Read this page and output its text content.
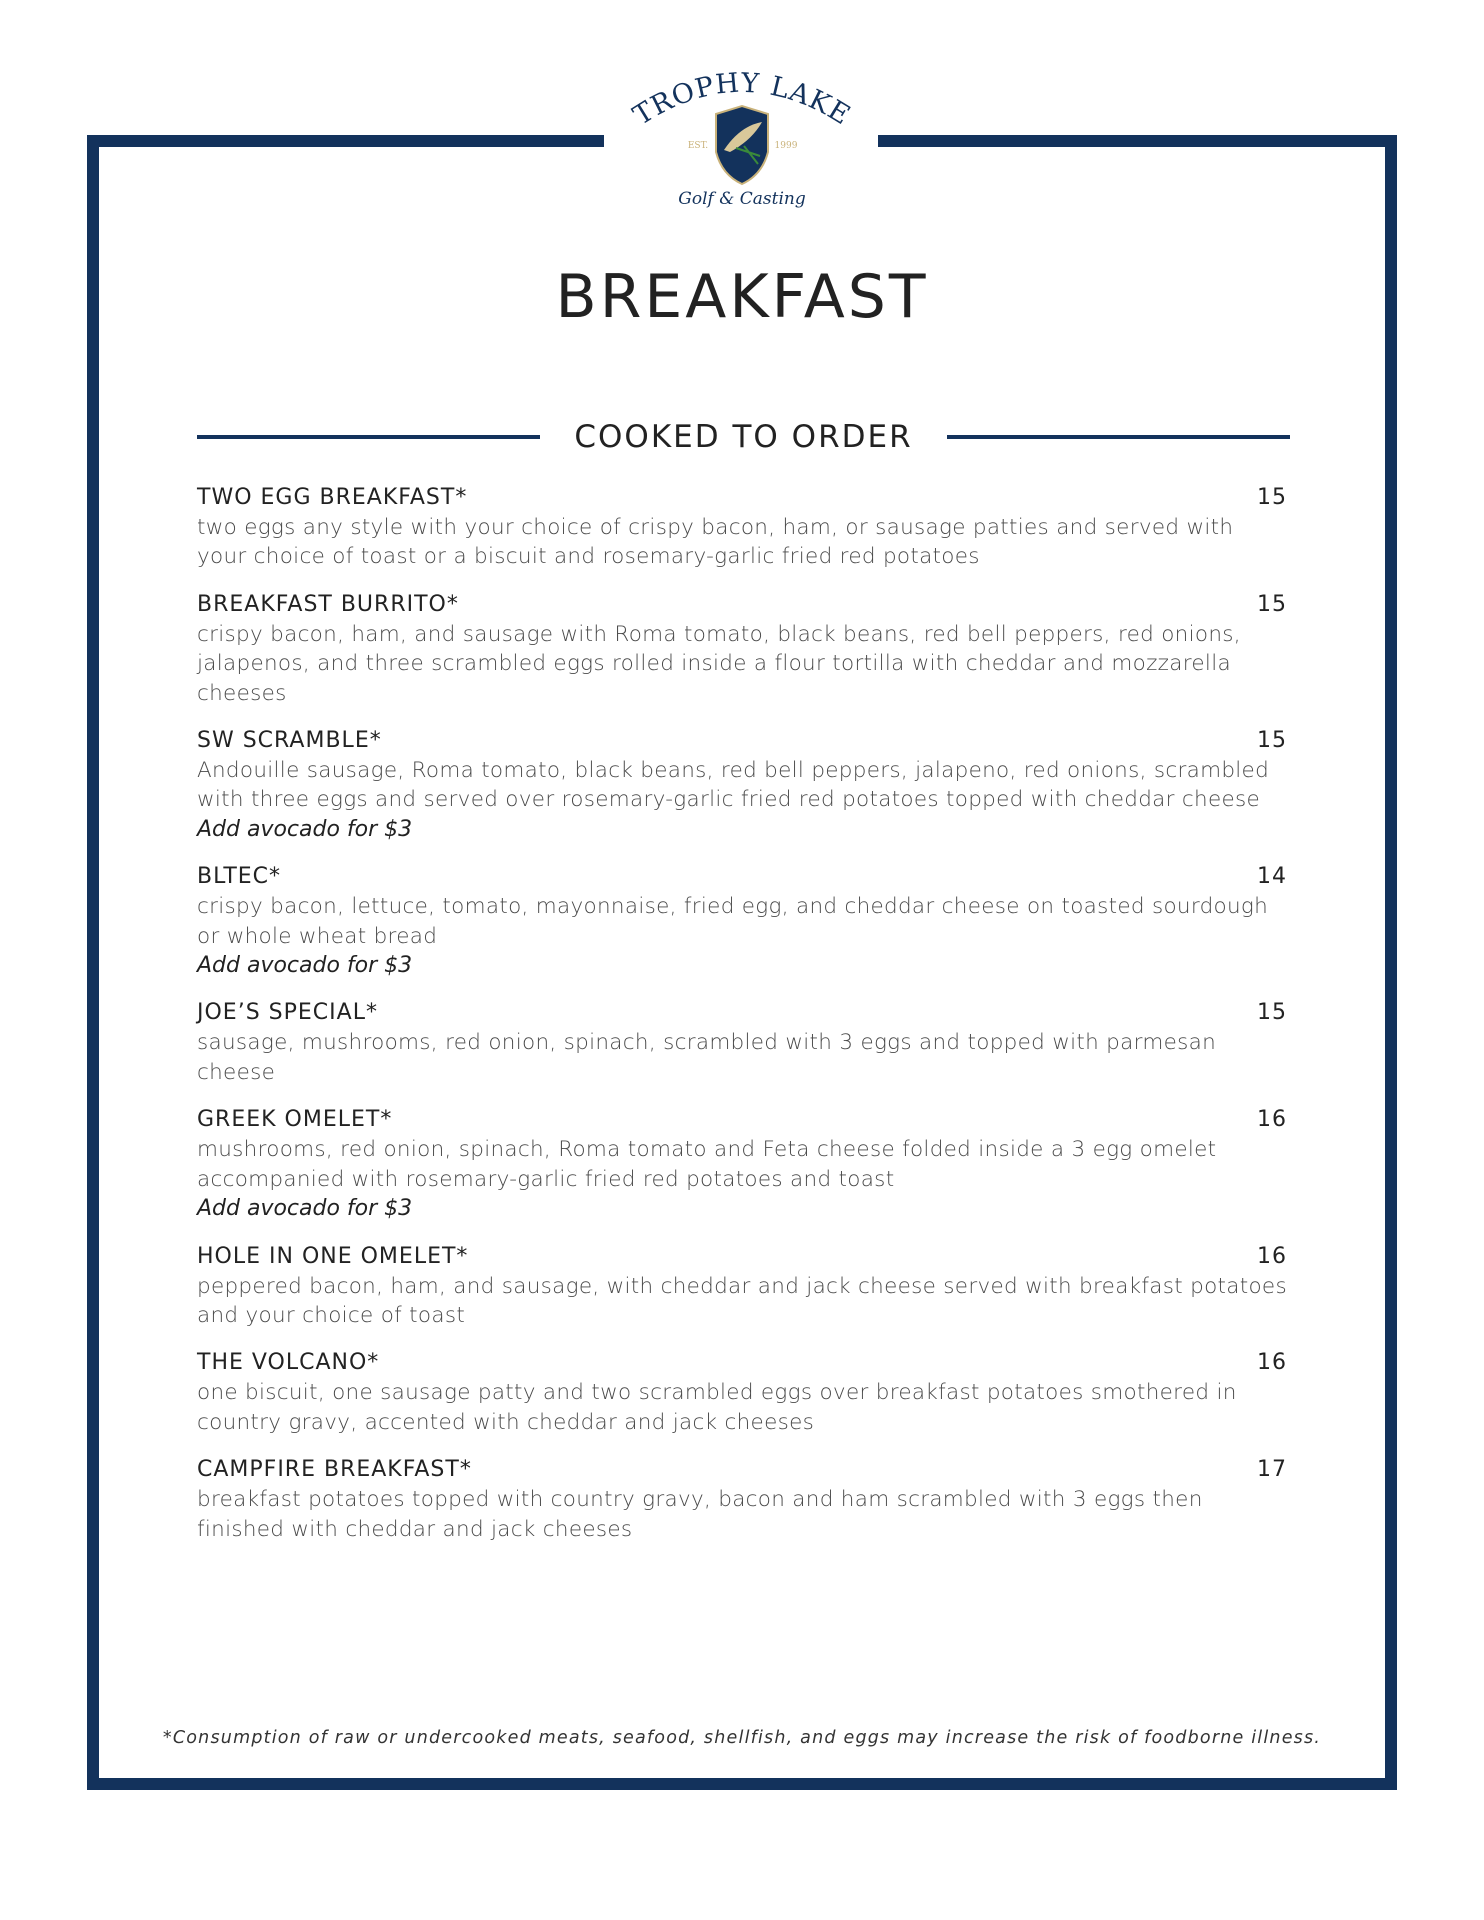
TROPHY LAKE
EST.	1999
Golf & Casting
BREAKFAST
COOKED TO ORDER
TWO EGG BREAKFAST*	15
two eggs any style with your choice of crispy bacon, ham, or sausage patties and served with your choice of toast or a biscuit and rosemary-garlic fried red potatoes
BREAKFAST BURRITO*	15
crispy bacon, ham, and sausage with Roma tomato, black beans, red bell peppers, red onions, jalapenos, and three scrambled eggs rolled inside a flour tortilla with cheddar and mozzarella cheeses
SW SCRAMBLE*	15
Andouille sausage, Roma tomato, black beans, red bell peppers, jalapeno, red onions, scrambled with three eggs and served over rosemary-garlic fried red potatoes topped with cheddar cheese
Add avocado for $3
BLTEC*	14
crispy bacon, lettuce, tomato, mayonnaise, fried egg, and cheddar cheese on toasted sourdough or whole wheat bread
Add avocado for $3
JOE’S SPECIAL*	15
sausage, mushrooms, red onion, spinach, scrambled with 3 eggs and topped with parmesan cheese
GREEK OMELET*	16
mushrooms, red onion, spinach, Roma tomato and Feta cheese folded inside a 3 egg omelet accompanied with rosemary-garlic fried red potatoes and toast
Add avocado for $3
HOLE IN ONE OMELET*	16
peppered bacon, ham, and sausage, with cheddar and jack cheese served with breakfast potatoes and your choice of toast
THE VOLCANO*	16
one biscuit, one sausage patty and two scrambled eggs over breakfast potatoes smothered in country gravy, accented with cheddar and jack cheeses
CAMPFIRE BREAKFAST*	17
breakfast potatoes topped with country gravy, bacon and ham scrambled with 3 eggs then finished with cheddar and jack cheeses
*Consumption of raw or undercooked meats, seafood, shellfish, and eggs may increase the risk of foodborne illness.
